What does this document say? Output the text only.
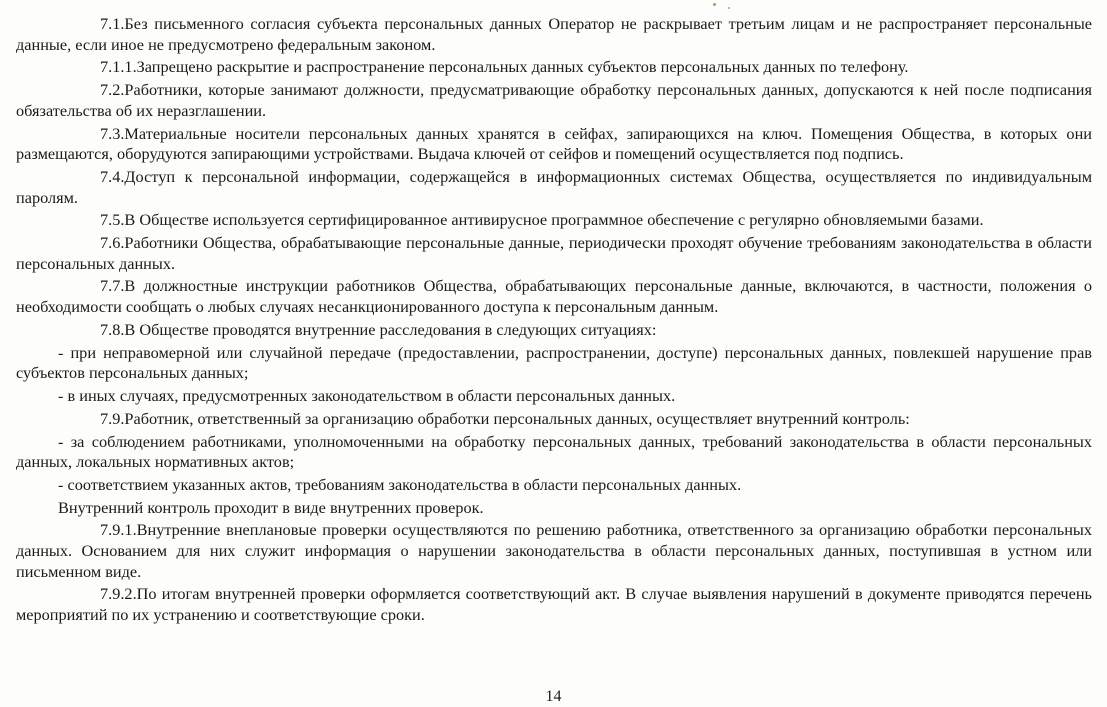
7.1.Без письменного согласия субъекта персональных данных Оператор не раскрывает третьим лицам и не распространяет персональные данные, если иное не предусмотрено федеральным законом.

7.1.1.Запрещено раскрытие и распространение персональных данных субъектов персональных данных по телефону.

7.2.Работники, которые занимают должности, предусматривающие обработку персональных данных, допускаются к ней после подписания обязательства об их неразглашении.

7.3.Материальные носители персональных данных хранятся в сейфах, запирающихся на ключ. Помещения Общества, в которых они размещаются, оборудуются запирающими устройствами. Выдача ключей от сейфов и помещений осуществляется под подпись.

7.4.Доступ к персональной информации, содержащейся в информационных системах Общества, осуществляется по индивидуальным паролям.

7.5.В Обществе используется сертифицированное антивирусное программное обеспечение с регулярно обновляемыми базами.

7.6.Работники Общества, обрабатывающие персональные данные, периодически проходят обучение требованиям законодательства в области персональных данных.

7.7.В должностные инструкции работников Общества, обрабатывающих персональные данные, включаются, в частности, положения о необходимости сообщать о любых случаях несанкционированного доступа к персональным данным.

7.8.В Обществе проводятся внутренние расследования в следующих ситуациях:

- при неправомерной или случайной передаче (предоставлении, распространении, доступе) персональных данных, повлекшей нарушение прав субъектов персональных данных;

- в иных случаях, предусмотренных законодательством в области персональных данных.

7.9.Работник, ответственный за организацию обработки персональных данных, осуществляет внутренний контроль:

- за соблюдением работниками, уполномоченными на обработку персональных данных, требований законодательства в области персональных данных, локальных нормативных актов;

- соответствием указанных актов, требованиям законодательства в области персональных данных.

Внутренний контроль проходит в виде внутренних проверок.

7.9.1.Внутренние внеплановые проверки осуществляются по решению работника, ответственного за организацию обработки персональных данных. Основанием для них служит информация о нарушении законодательства в области персональных данных, поступившая в устном или письменном виде.

7.9.2.По итогам внутренней проверки оформляется соответствующий акт. В случае выявления нарушений в документе приводятся перечень мероприятий по их устранению и соответствующие сроки.

14
